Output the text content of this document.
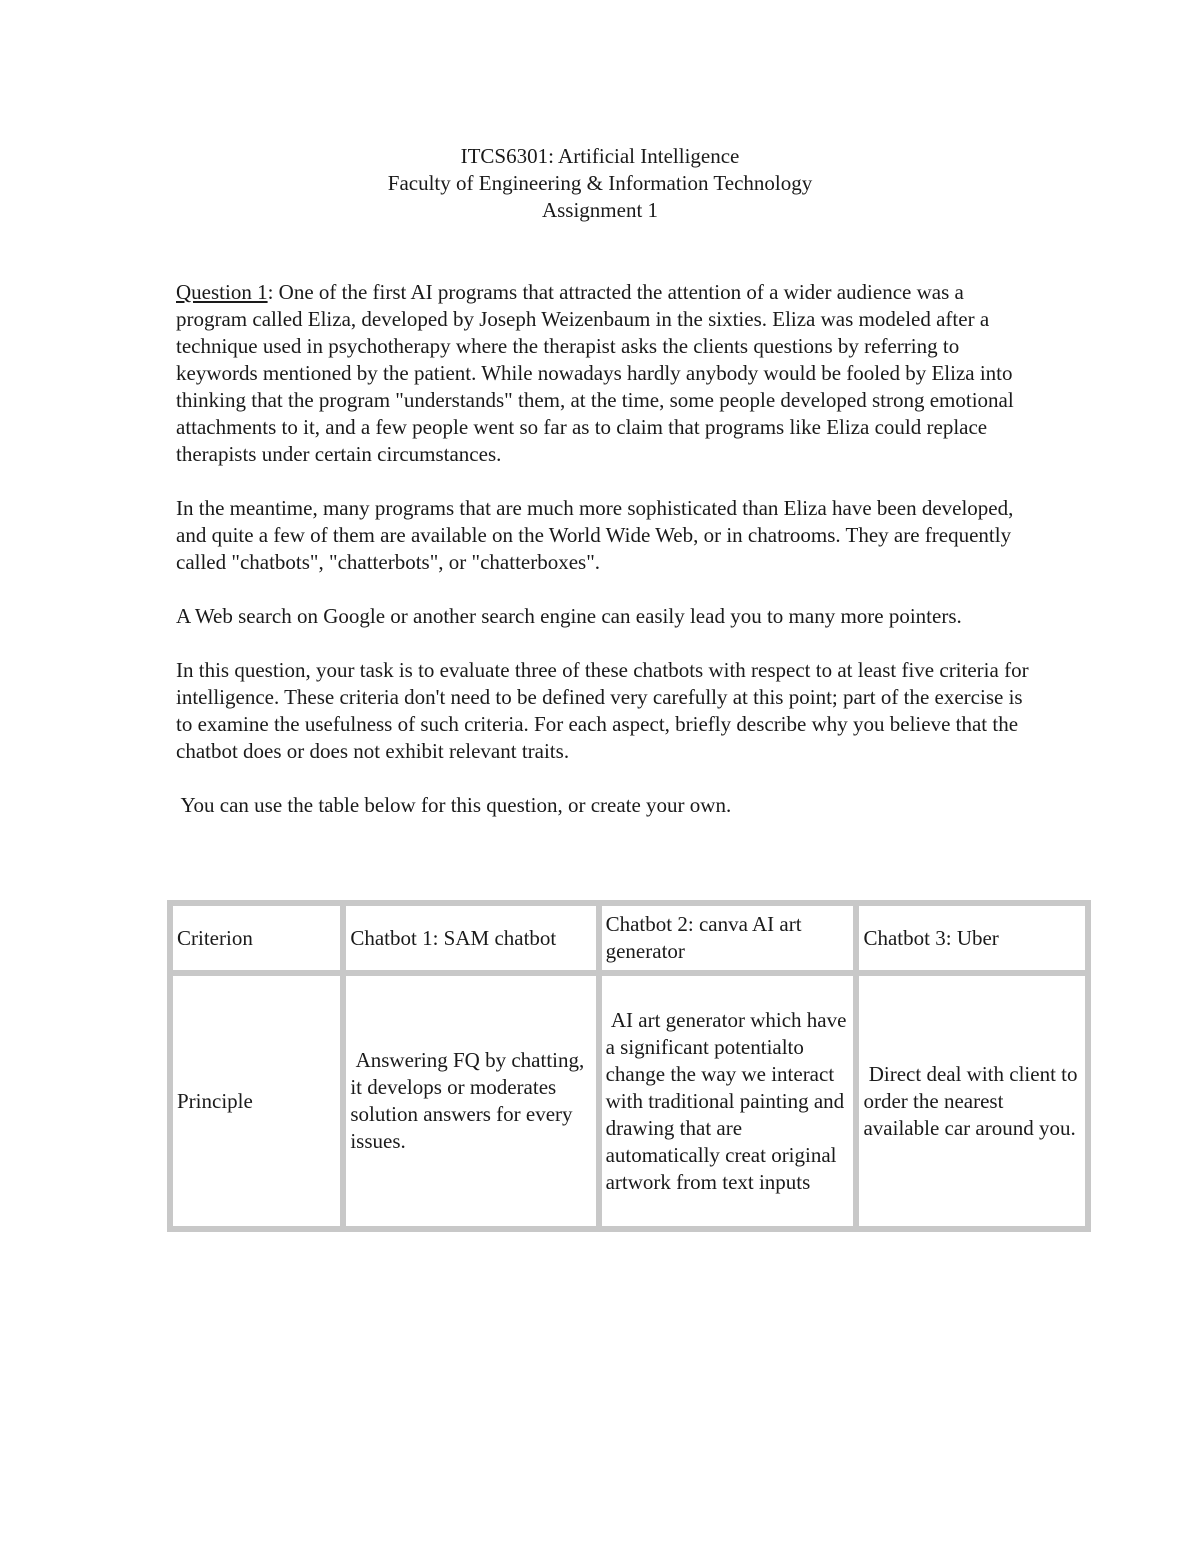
ITCS6301: Artificial Intelligence
Faculty of Engineering & Information Technology
Assignment 1

Question 1: One of the first AI programs that attracted the attention of a wider audience was a program called Eliza, developed by Joseph Weizenbaum in the sixties. Eliza was modeled after a technique used in psychotherapy where the therapist asks the clients questions by referring to keywords mentioned by the patient. While nowadays hardly anybody would be fooled by Eliza into thinking that the program "understands" them, at the time, some people developed strong emotional attachments to it, and a few people went so far as to claim that programs like Eliza could replace therapists under certain circumstances.

In the meantime, many programs that are much more sophisticated than Eliza have been developed, and quite a few of them are available on the World Wide Web, or in chatrooms. They are frequently called "chatbots", "chatterbots", or "chatterboxes".

A Web search on Google or another search engine can easily lead you to many more pointers.

In this question, your task is to evaluate three of these chatbots with respect to at least five criteria for intelligence. These criteria don't need to be defined very carefully at this point; part of the exercise is to examine the usefulness of such criteria. For each aspect, briefly describe why you believe that the chatbot does or does not exhibit relevant traits.

You can use the table below for this question, or create your own.

Criterion	Chatbot 1: SAM chatbot	Chatbot 2: canva AI art generator	Chatbot 3: Uber
Principle	Answering FQ by chatting, it develops or moderates solution answers for every issues.	AI art generator which have a significant potentialto change the way we interact with traditional painting and drawing that are automatically creat original artwork from text inputs	Direct deal with client to order the nearest available car around you.
